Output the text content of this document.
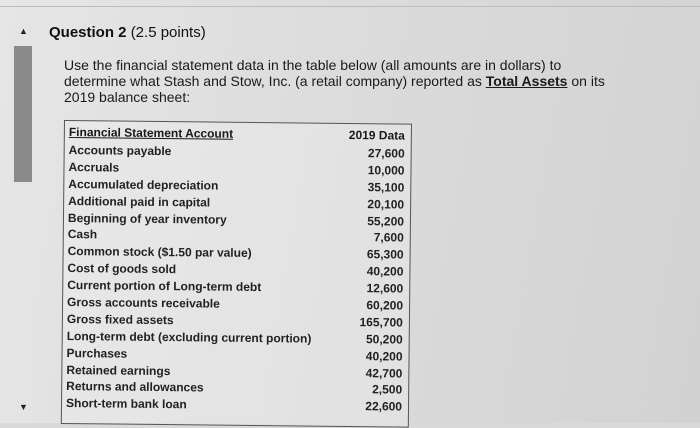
▲
▼
Question 2 (2.5 points)
Use the financial statement data in the table below (all amounts are in dollars) to determine what Stash and Stow, Inc. (a retail company) reported as Total Assets on its 2019 balance sheet:
Financial Statement Account	2019 Data
Accounts payable	27,600
Accruals	10,000
Accumulated depreciation	35,100
Additional paid in capital	20,100
Beginning of year inventory	55,200
Cash	7,600
Common stock ($1.50 par value)	65,300
Cost of goods sold	40,200
Current portion of Long-term debt	12,600
Gross accounts receivable	60,200
Gross fixed assets	165,700
Long-term debt (excluding current portion)	50,200
Purchases	40,200
Retained earnings	42,700
Returns and allowances	2,500
Short-term bank loan	22,600
